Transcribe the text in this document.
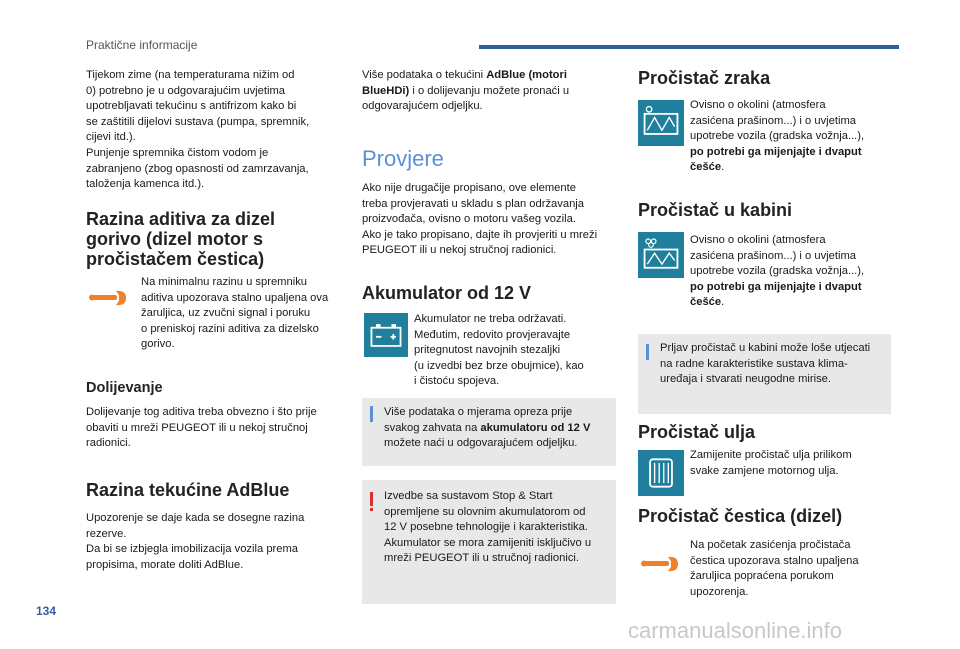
Praktične informacije
Tijekom zime (na temperaturama nižim od
0) potrebno je u odgovarajućim uvjetima
upotrebljavati tekućinu s antifrizom kako bi
se zaštitili dijelovi sustava (pumpa, spremnik,
cijevi itd.).
Punjenje spremnika čistom vodom je
zabranjeno (zbog opasnosti od zamrzavanja,
taloženja kamenca itd.).
Razina aditiva za dizel
gorivo (dizel motor s
pročistačem čestica)
Na minimalnu razinu u spremniku
aditiva upozorava stalno upaljena ova
žaruljica, uz zvučni signal i poruku
o preniskoj razini aditiva za dizelsko
gorivo.
Dolijevanje
Dolijevanje tog aditiva treba obvezno i što prije
obaviti u mreži PEUGEOT ili u nekoj stručnoj
radionici.
Razina tekućine AdBlue
Upozorenje se daje kada se dosegne razina
rezerve.
Da bi se izbjegla imobilizacija vozila prema
propisima, morate doliti AdBlue.
Više podataka o tekućini AdBlue (motori
BlueHDi) i o dolijevanju možete pronaći u
odgovarajućem odjeljku.
Provjere
Ako nije drugačije propisano, ove elemente
treba provjeravati u skladu s plan održavanja
proizvođača, ovisno o motoru vašeg vozila.
Ako je tako propisano, dajte ih provjeriti u mreži
PEUGEOT ili u nekoj stručnoj radionici.
Akumulator od 12 V
Akumulator ne treba održavati.
Međutim, redovito provjeravajte
pritegnutost navojnih stezaljki
(u izvedbi bez brze obujmice), kao
i čistoću spojeva.
Više podataka o mjerama opreza prije
svakog zahvata na akumulatoru od 12 V
možete naći u odgovarajućem odjeljku.
Izvedbe sa sustavom Stop & Start
opremljene su olovnim akumulatorom od
12 V posebne tehnologije i karakteristika.
Akumulator se mora zamijeniti isključivo u
mreži PEUGEOT ili u stručnoj radionici.
Pročistač zraka
Ovisno o okolini (atmosfera
zasićena prašinom...) i o uvjetima
upotrebe vozila (gradska vožnja...),
po potrebi ga mijenjajte i dvaput
češće.
Pročistač u kabini
Ovisno o okolini (atmosfera
zasićena prašinom...) i o uvjetima
upotrebe vozila (gradska vožnja...),
po potrebi ga mijenjajte i dvaput
češće.
Prljav pročistač u kabini može loše utjecati
na radne karakteristike sustava klima-
uređaja i stvarati neugodne mirise.
Pročistač ulja
Zamijenite pročistač ulja prilikom
svake zamjene motornog ulja.
Pročistač čestica (dizel)
Na početak zasićenja pročistača
čestica upozorava stalno upaljena
žaruljica popraćena porukom
upozorenja.
134
carmanualsonline.info
